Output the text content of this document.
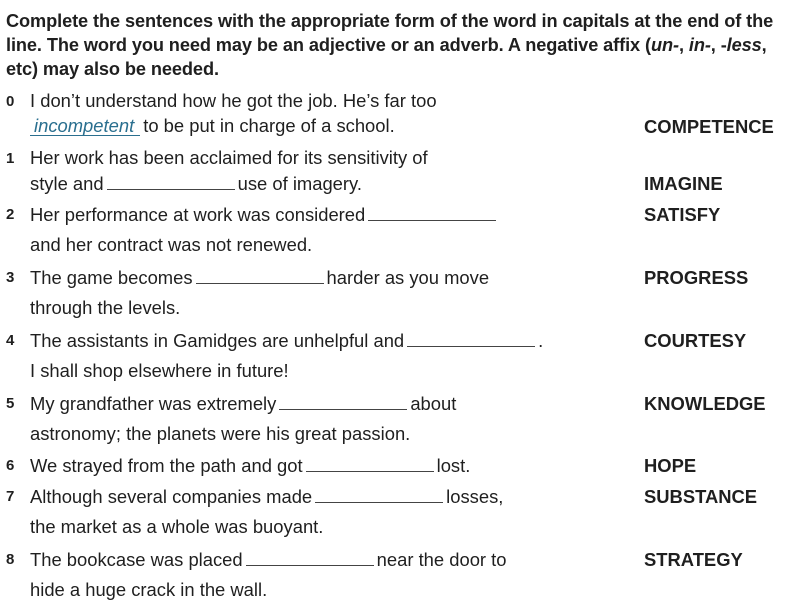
Complete the sentences with the appropriate form of the word in capitals at the end of the line. The word you need may be an adjective or an adverb. A negative affix (un-, in-, -less, etc) may also be needed.
0 I don’t understand how he got the job. He’s far too
incompetent to be put in charge of a school.	COMPETENCE
1 Her work has been acclaimed for its sensitivity of
style and	use of imagery.	IMAGINE
2 Her performance at work was considered	SATISFY
and her contract was not renewed.
3 The game becomes	harder as you move	PROGRESS
through the levels.
4 The assistants in Gamidges are unhelpful and	.	COURTESY
I shall shop elsewhere in future!
5 My grandfather was extremely	about	KNOWLEDGE
astronomy; the planets were his great passion.
6 We strayed from the path and got	lost.	HOPE
7 Although several companies made	losses,	SUBSTANCE
the market as a whole was buoyant.
8 The bookcase was placed	near the door to	STRATEGY
hide a huge crack in the wall.
